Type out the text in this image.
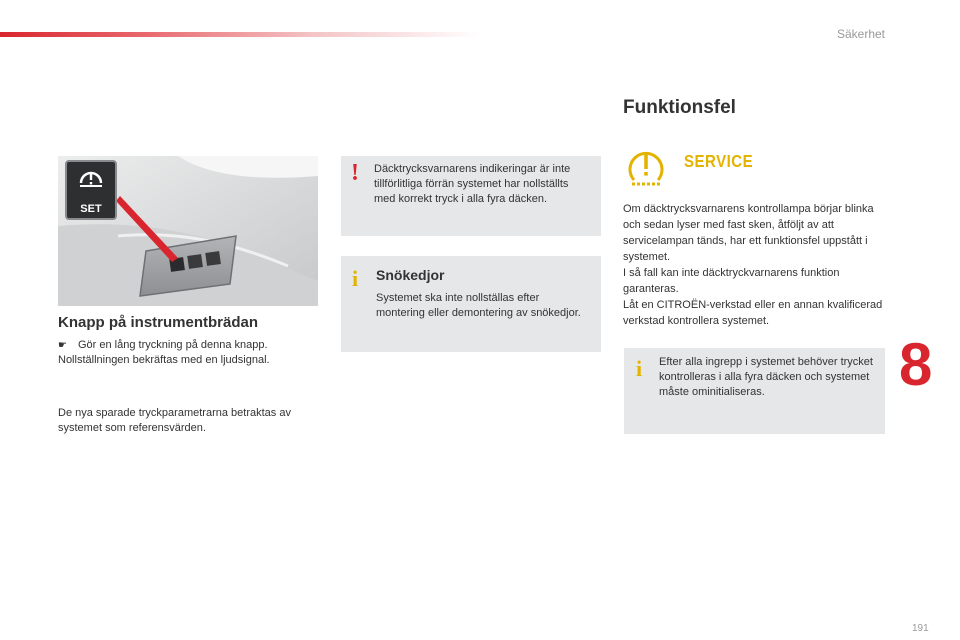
Säkerhet
SET
Knapp på instrumentbrädan
☛ Gör en lång tryckning på denna knapp.
Nollställningen bekräftas med en ljudsignal.
De nya sparade tryckparametrarna betraktas av systemet som referensvärden.
! Däcktrycksvarnarens indikeringar är inte tillförlitliga förrän systemet har nollställts med korrekt tryck i alla fyra däcken.
i Snökedjor
Systemet ska inte nollställas efter montering eller demontering av snökedjor.
Funktionsfel
SERVICE
Om däcktrycksvarnarens kontrollampa börjar blinka och sedan lyser med fast sken, åtföljt av att servicelampan tänds, har ett funktionsfel uppstått i systemet.
I så fall kan inte däcktryckvarnarens funktion garanteras.
Låt en CITROËN-verkstad eller en annan kvalificerad verkstad kontrollera systemet.
i Efter alla ingrepp i systemet behöver trycket kontrolleras i alla fyra däcken och systemet måste ominitialiseras.	8
191
